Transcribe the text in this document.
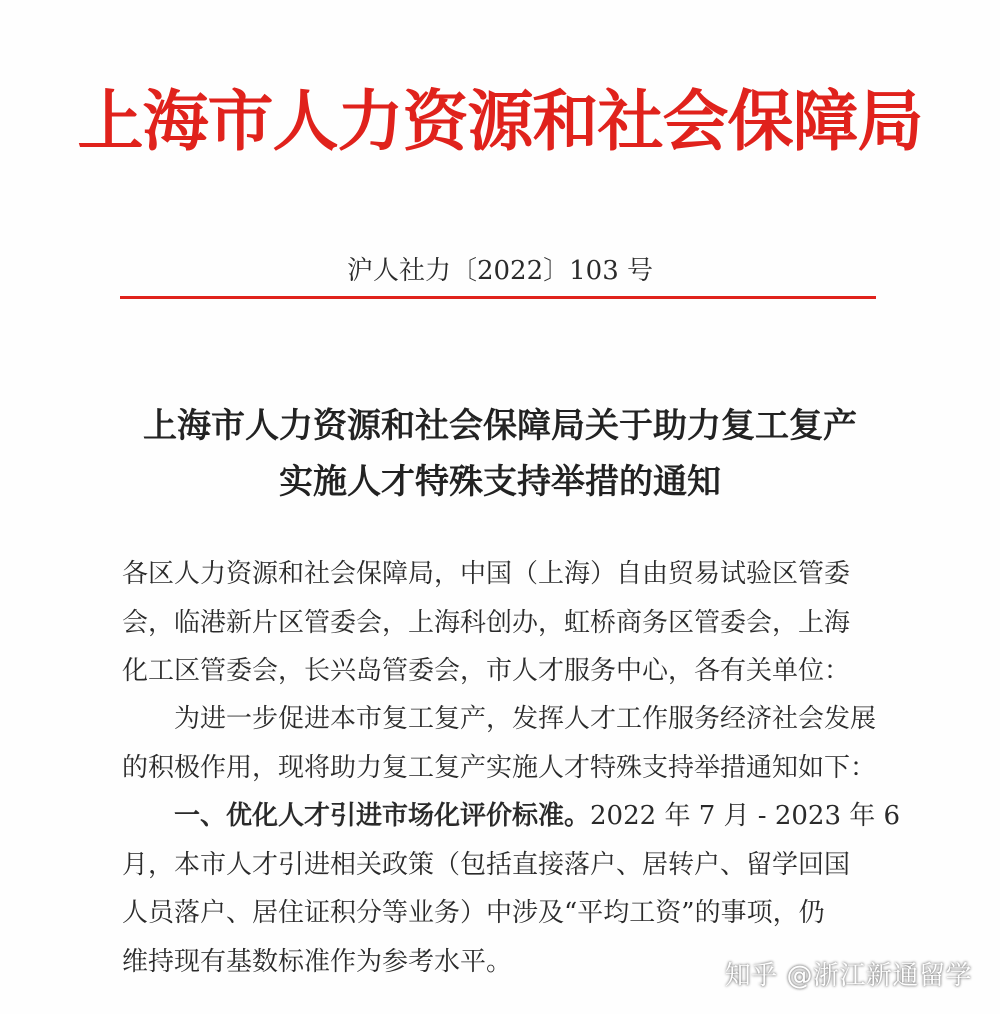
上海市人力资源和社会保障局
沪人社力〔2022〕103 号
上海市人力资源和社会保障局关于助力复工复产
实施人才特殊支持举措的通知
各区人力资源和社会保障局，中国（上海）自由贸易试验区管委
会，临港新片区管委会，上海科创办，虹桥商务区管委会，上海
化工区管委会，长兴岛管委会，市人才服务中心，各有关单位：
为进一步促进本市复工复产，发挥人才工作服务经济社会发展
的积极作用，现将助力复工复产实施人才特殊支持举措通知如下：
一、优化人才引进市场化评价标准。2022 年 7 月 - 2023 年 6
月，本市人才引进相关政策（包括直接落户、居转户、留学回国
人员落户、居住证积分等业务）中涉及“平均工资”的事项，仍
维持现有基数标准作为参考水平。	知乎 @浙江新通留学
